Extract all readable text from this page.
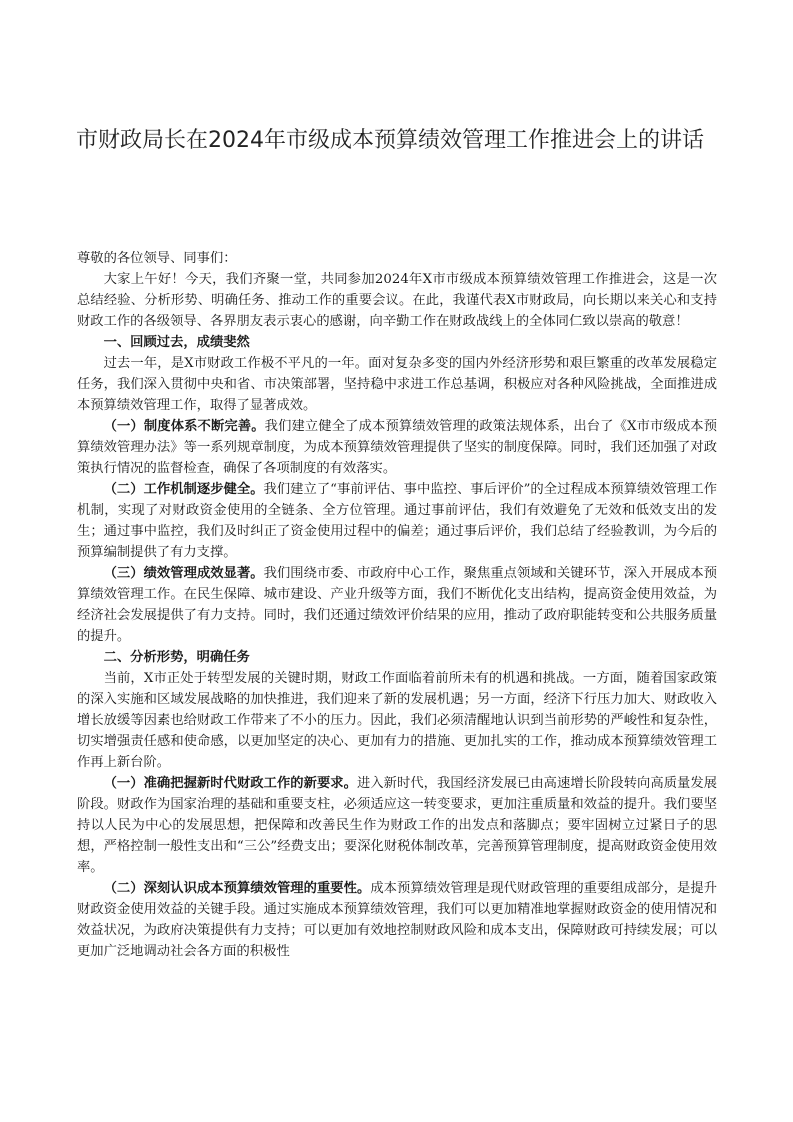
市财政局长在2024年市级成本预算绩效管理工作推进会上的讲话

尊敬的各位领导、同事们：

大家上午好！今天，我们齐聚一堂，共同参加2024年X市市级成本预算绩效管理工作推进会，这是一次总结经验、分析形势、明确任务、推动工作的重要会议。在此，我谨代表X市财政局，向长期以来关心和支持财政工作的各级领导、各界朋友表示衷心的感谢，向辛勤工作在财政战线上的全体同仁致以崇高的敬意！

一、回顾过去，成绩斐然

过去一年，是X市财政工作极不平凡的一年。面对复杂多变的国内外经济形势和艰巨繁重的改革发展稳定任务，我们深入贯彻中央和省、市决策部署，坚持稳中求进工作总基调，积极应对各种风险挑战，全面推进成本预算绩效管理工作，取得了显著成效。

（一）制度体系不断完善。我们建立健全了成本预算绩效管理的政策法规体系，出台了《X市市级成本预算绩效管理办法》等一系列规章制度，为成本预算绩效管理提供了坚实的制度保障。同时，我们还加强了对政策执行情况的监督检查，确保了各项制度的有效落实。

（二）工作机制逐步健全。我们建立了“事前评估、事中监控、事后评价”的全过程成本预算绩效管理工作机制，实现了对财政资金使用的全链条、全方位管理。通过事前评估，我们有效避免了无效和低效支出的发生；通过事中监控，我们及时纠正了资金使用过程中的偏差；通过事后评价，我们总结了经验教训，为今后的预算编制提供了有力支撑。

（三）绩效管理成效显著。我们围绕市委、市政府中心工作，聚焦重点领域和关键环节，深入开展成本预算绩效管理工作。在民生保障、城市建设、产业升级等方面，我们不断优化支出结构，提高资金使用效益，为经济社会发展提供了有力支持。同时，我们还通过绩效评价结果的应用，推动了政府职能转变和公共服务质量的提升。

二、分析形势，明确任务

当前，X市正处于转型发展的关键时期，财政工作面临着前所未有的机遇和挑战。一方面，随着国家政策的深入实施和区域发展战略的加快推进，我们迎来了新的发展机遇；另一方面，经济下行压力加大、财政收入增长放缓等因素也给财政工作带来了不小的压力。因此，我们必须清醒地认识到当前形势的严峻性和复杂性，切实增强责任感和使命感，以更加坚定的决心、更加有力的措施、更加扎实的工作，推动成本预算绩效管理工作再上新台阶。

（一）准确把握新时代财政工作的新要求。进入新时代，我国经济发展已由高速增长阶段转向高质量发展阶段。财政作为国家治理的基础和重要支柱，必须适应这一转变要求，更加注重质量和效益的提升。我们要坚持以人民为中心的发展思想，把保障和改善民生作为财政工作的出发点和落脚点；要牢固树立过紧日子的思想，严格控制一般性支出和“三公”经费支出；要深化财税体制改革，完善预算管理制度，提高财政资金使用效率。

（二）深刻认识成本预算绩效管理的重要性。成本预算绩效管理是现代财政管理的重要组成部分，是提升财政资金使用效益的关键手段。通过实施成本预算绩效管理，我们可以更加精准地掌握财政资金的使用情况和效益状况，为政府决策提供有力支持；可以更加有效地控制财政风险和成本支出，保障财政可持续发展；可以更加广泛地调动社会各方面的积极性
